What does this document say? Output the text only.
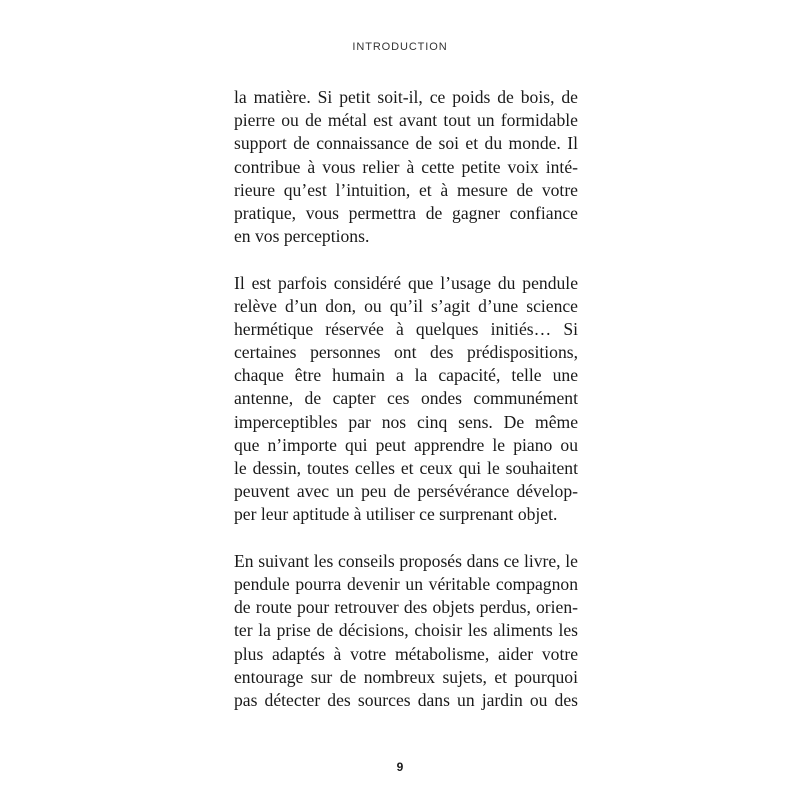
INTRODUCTION
la matière. Si petit soit-il, ce poids de bois, de
pierre ou de métal est avant tout un formidable
support de connaissance de soi et du monde. Il
contribue à vous relier à cette petite voix inté-
rieure qu’est l’intuition, et à mesure de votre
pratique, vous permettra de gagner confiance
en vos perceptions.
Il est parfois considéré que l’usage du pendule
relève d’un don, ou qu’il s’agit d’une science
hermétique réservée à quelques initiés… Si
certaines personnes ont des prédispositions,
chaque être humain a la capacité, telle une
antenne, de capter ces ondes communément
imperceptibles par nos cinq sens. De même
que n’importe qui peut apprendre le piano ou
le dessin, toutes celles et ceux qui le souhaitent
peuvent avec un peu de persévérance dévelop-
per leur aptitude à utiliser ce surprenant objet.
En suivant les conseils proposés dans ce livre, le
pendule pourra devenir un véritable compagnon
de route pour retrouver des objets perdus, orien-
ter la prise de décisions, choisir les aliments les
plus adaptés à votre métabolisme, aider votre
entourage sur de nombreux sujets, et pourquoi
pas détecter des sources dans un jardin ou des
9
